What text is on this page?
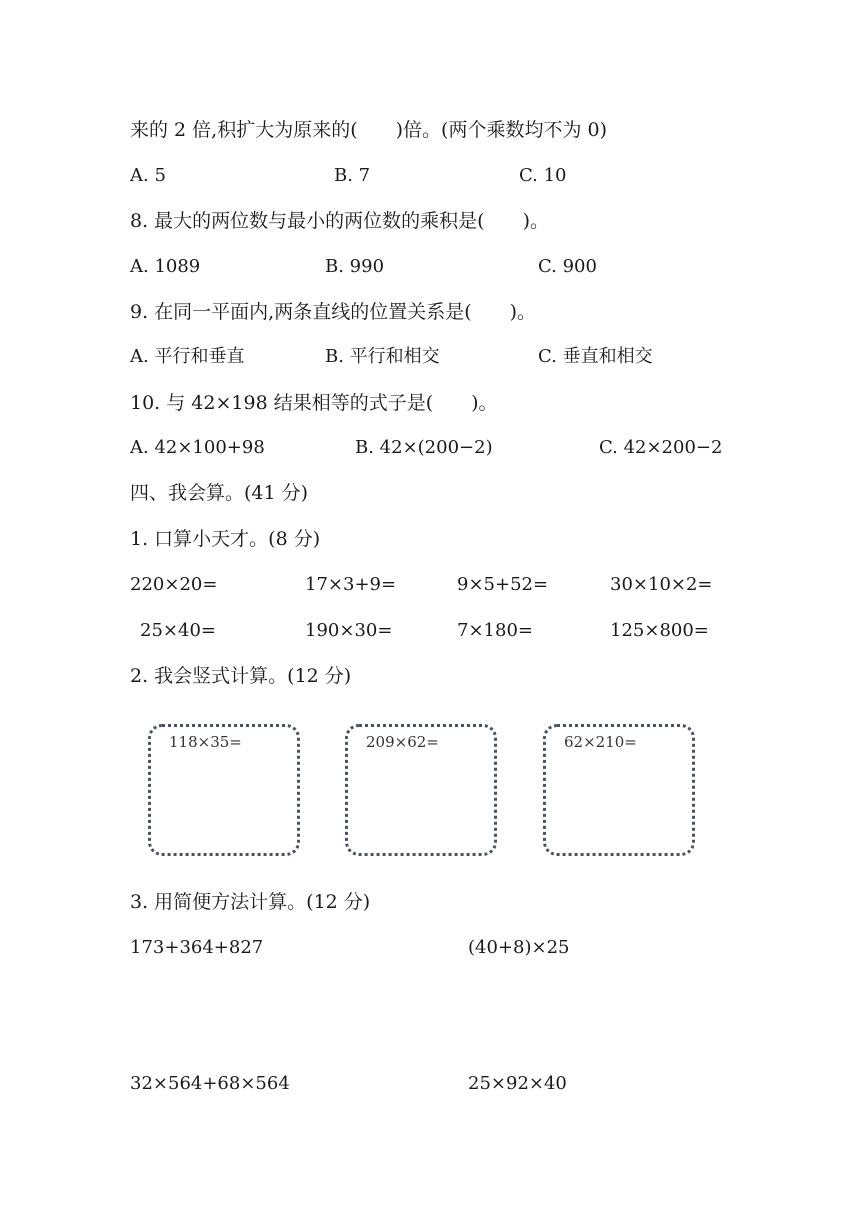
来的 2 倍,积扩大为原来的(　　)倍。(两个乘数均不为 0)
A. 5	B. 7	C. 10
8. 最大的两位数与最小的两位数的乘积是(　　)。
A. 1089	B. 990	C. 900
9. 在同一平面内,两条直线的位置关系是(　　)。
A. 平行和垂直	B. 平行和相交	C. 垂直和相交
10. 与 42×198 结果相等的式子是(　　)。
A. 42×100+98	B. 42×(200−2)	C. 42×200−2
四、我会算。(41 分)
1. 口算小天才。(8 分)
220×20=	17×3+9=	9×5+52=	30×10×2=
25×40=	190×30=	7×180=	125×800=
2. 我会竖式计算。(12 分)
118×35=	209×62=	62×210=
3. 用简便方法计算。(12 分)
173+364+827	(40+8)×25
32×564+68×564	25×92×40
